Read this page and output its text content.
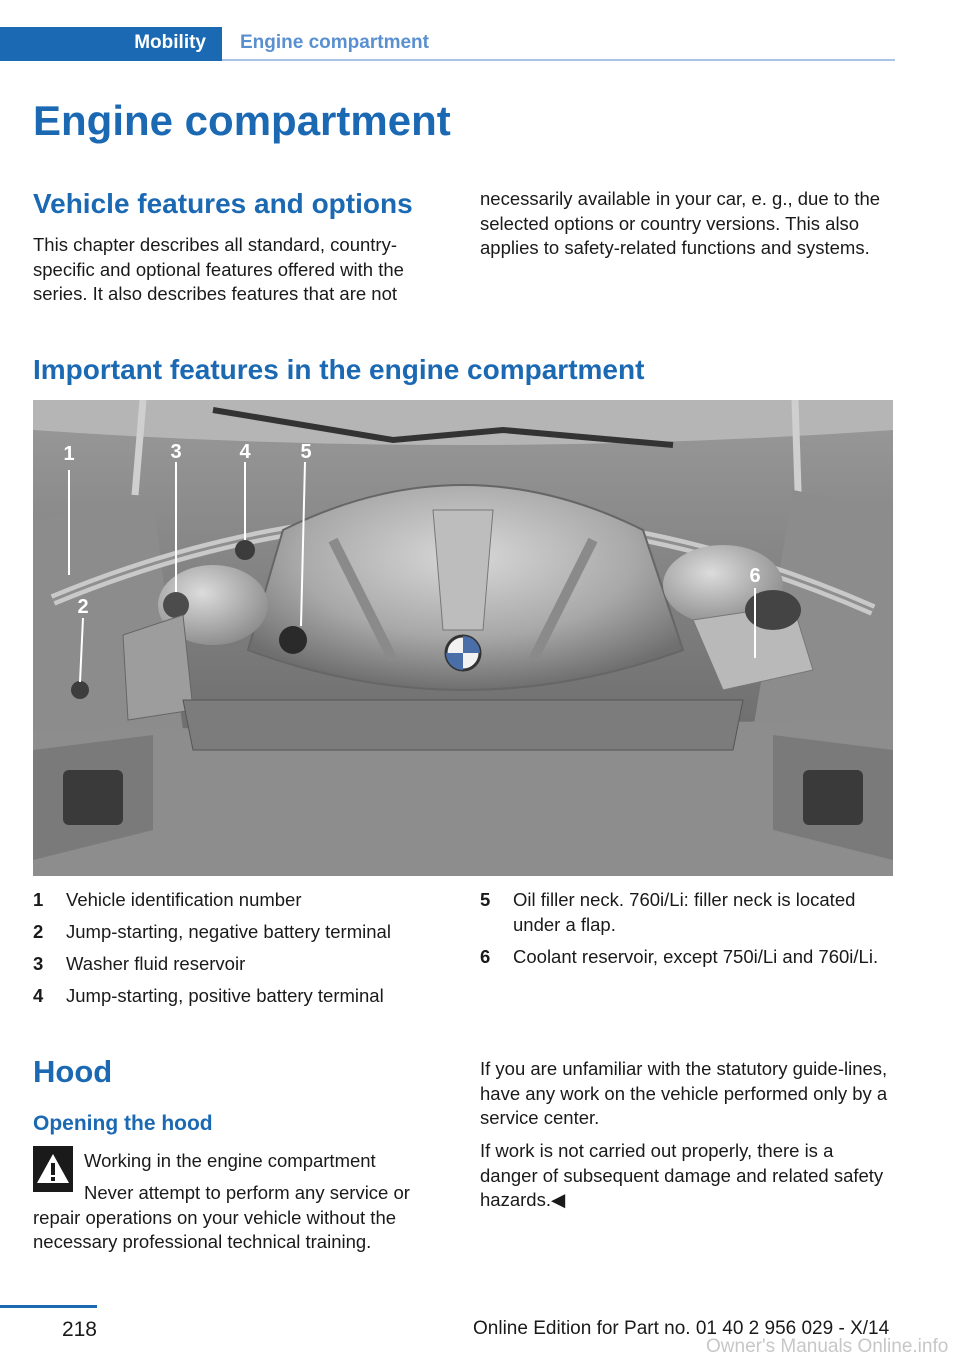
Mobility	Engine compartment
Engine compartment
Vehicle features and options

This chapter describes all standard, country-specific and optional features offered with the series. It also describes features that are not

necessarily available in your car, e. g., due to the selected options or country versions. This also applies to safety-related functions and systems.

Important features in the engine compartment
1
2
3	4 5
6
1 Vehicle identification number
2 Jump-starting, negative battery terminal
3 Washer fluid reservoir
4 Jump-starting, positive battery terminal
5 Oil filler neck. 760i/Li: filler neck is located under a flap.
6 Coolant reservoir, except 750i/Li and 760i/Li.
Hood
Opening the hood
Working in the engine compartment

Never attempt to perform any service or repair operations on your vehicle without the necessary professional technical training.

If you are unfamiliar with the statutory guide-lines, have any work on the vehicle performed only by a service center.

If work is not carried out properly, there is a danger of subsequent damage and related safety hazards.◀

218	Online Edition for Part no. 01 40 2 956 029 - X/14
Owner's Manuals Online.info
